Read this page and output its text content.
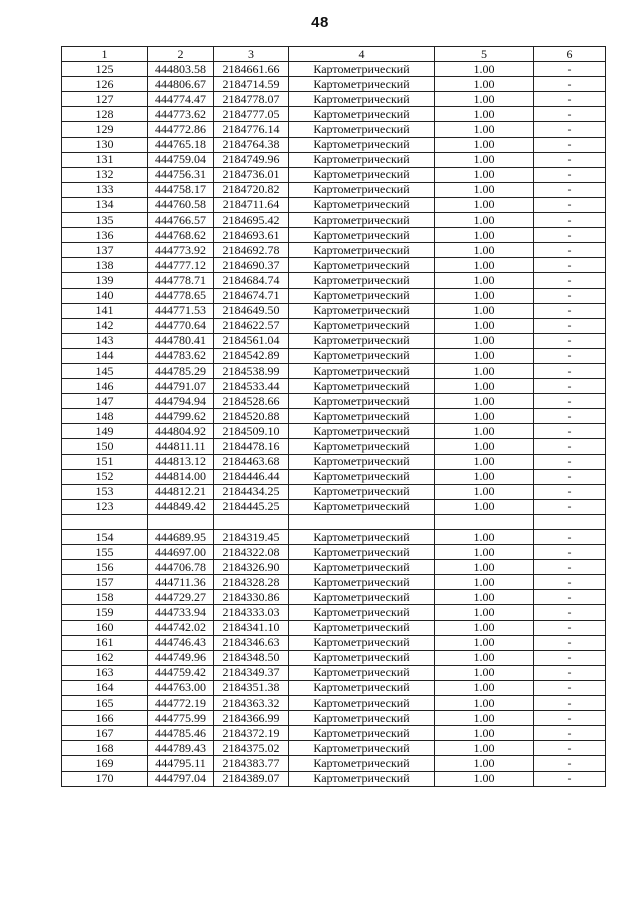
48
1	2	3	4	5	6
125	444803.58	2184661.66	Картометрический	1.00	-
126	444806.67	2184714.59	Картометрический	1.00	-
127	444774.47	2184778.07	Картометрический	1.00	-
128	444773.62	2184777.05	Картометрический	1.00	-
129	444772.86	2184776.14	Картометрический	1.00	-
130	444765.18	2184764.38	Картометрический	1.00	-
131	444759.04	2184749.96	Картометрический	1.00	-
132	444756.31	2184736.01	Картометрический	1.00	-
133	444758.17	2184720.82	Картометрический	1.00	-
134	444760.58	2184711.64	Картометрический	1.00	-
135	444766.57	2184695.42	Картометрический	1.00	-
136	444768.62	2184693.61	Картометрический	1.00	-
137	444773.92	2184692.78	Картометрический	1.00	-
138	444777.12	2184690.37	Картометрический	1.00	-
139	444778.71	2184684.74	Картометрический	1.00	-
140	444778.65	2184674.71	Картометрический	1.00	-
141	444771.53	2184649.50	Картометрический	1.00	-
142	444770.64	2184622.57	Картометрический	1.00	-
143	444780.41	2184561.04	Картометрический	1.00	-
144	444783.62	2184542.89	Картометрический	1.00	-
145	444785.29	2184538.99	Картометрический	1.00	-
146	444791.07	2184533.44	Картометрический	1.00	-
147	444794.94	2184528.66	Картометрический	1.00	-
148	444799.62	2184520.88	Картометрический	1.00	-
149	444804.92	2184509.10	Картометрический	1.00	-
150	444811.11	2184478.16	Картометрический	1.00	-
151	444813.12	2184463.68	Картометрический	1.00	-
152	444814.00	2184446.44	Картометрический	1.00	-
153	444812.21	2184434.25	Картометрический	1.00	-
123	444849.42	2184445.25	Картометрический	1.00	-

154	444689.95	2184319.45	Картометрический	1.00	-
155	444697.00	2184322.08	Картометрический	1.00	-
156	444706.78	2184326.90	Картометрический	1.00	-
157	444711.36	2184328.28	Картометрический	1.00	-
158	444729.27	2184330.86	Картометрический	1.00	-
159	444733.94	2184333.03	Картометрический	1.00	-
160	444742.02	2184341.10	Картометрический	1.00	-
161	444746.43	2184346.63	Картометрический	1.00	-
162	444749.96	2184348.50	Картометрический	1.00	-
163	444759.42	2184349.37	Картометрический	1.00	-
164	444763.00	2184351.38	Картометрический	1.00	-
165	444772.19	2184363.32	Картометрический	1.00	-
166	444775.99	2184366.99	Картометрический	1.00	-
167	444785.46	2184372.19	Картометрический	1.00	-
168	444789.43	2184375.02	Картометрический	1.00	-
169	444795.11	2184383.77	Картометрический	1.00	-
170	444797.04	2184389.07	Картометрический	1.00	-
